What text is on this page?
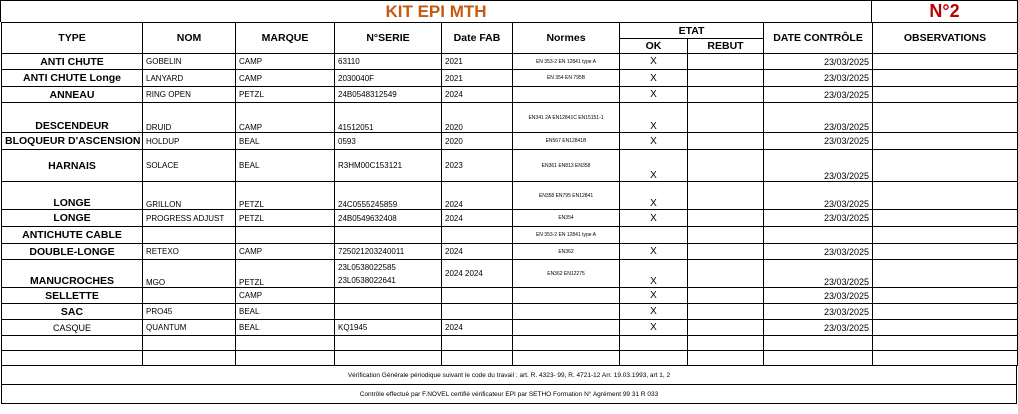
KIT EPI MTH	N°2
TYPE	NOM	MARQUE	N°SERIE	Date FAB	Normes	ETAT		DATE CONTRÔLE	OBSERVATIONS
						OK	REBUT		
ANTI CHUTE	GOBELIN	CAMP	63110	2021	EN 353-2 EN 12841 type A	X		23/03/2025	
ANTI CHUTE Longe	LANYARD	CAMP	2030040F	2021	EN 354 EN 795B	X		23/03/2025	
ANNEAU	RING OPEN	PETZL	24B0548312549	2024		X		23/03/2025	
DESCENDEUR	DRUID	CAMP	41512051	2020	EN341 2A EN12841C EN15151-1	X		23/03/2025	
BLOQUEUR D'ASCENSION	HOLDUP	BEAL	0593	2020	EN567 EN12841B	X		23/03/2025	
HARNAIS	SOLACE	BEAL	R3HM00C153121	2023	EN361 EN813 EN358	X		23/03/2025	
LONGE	GRILLON	PETZL	24C0555245859	2024	EN358 EN795 EN12841	X		23/03/2025	
LONGE	PROGRESS ADJUST	PETZL	24B0549632408	2024	EN354	X		23/03/2025	
ANTICHUTE CABLE					EN 353-2 EN 12841 type A				
DOUBLE-LONGE	RETEXO	CAMP	725021203240011	2024	EN362	X		23/03/2025	
MANUCROCHES	MGO	PETZL	23L0538022585 23L0538022641	2024 2024	EN362 EN12275	X		23/03/2025	
SELLETTE		CAMP				X		23/03/2025	
SAC	PRO45	BEAL				X		23/03/2025	
CASQUE	QUANTUM	BEAL	KQ1945	2024		X		23/03/2025	

Vérification Générale périodique suivant le code du travail ; art. R. 4323- 99, R. 4721-12 Arr. 19.03.1993, art 1, 2
Contrôle effectué par F.NOVEL certifié vérificateur EPI par SETHO Formation N° Agrément 99 31 R 033
